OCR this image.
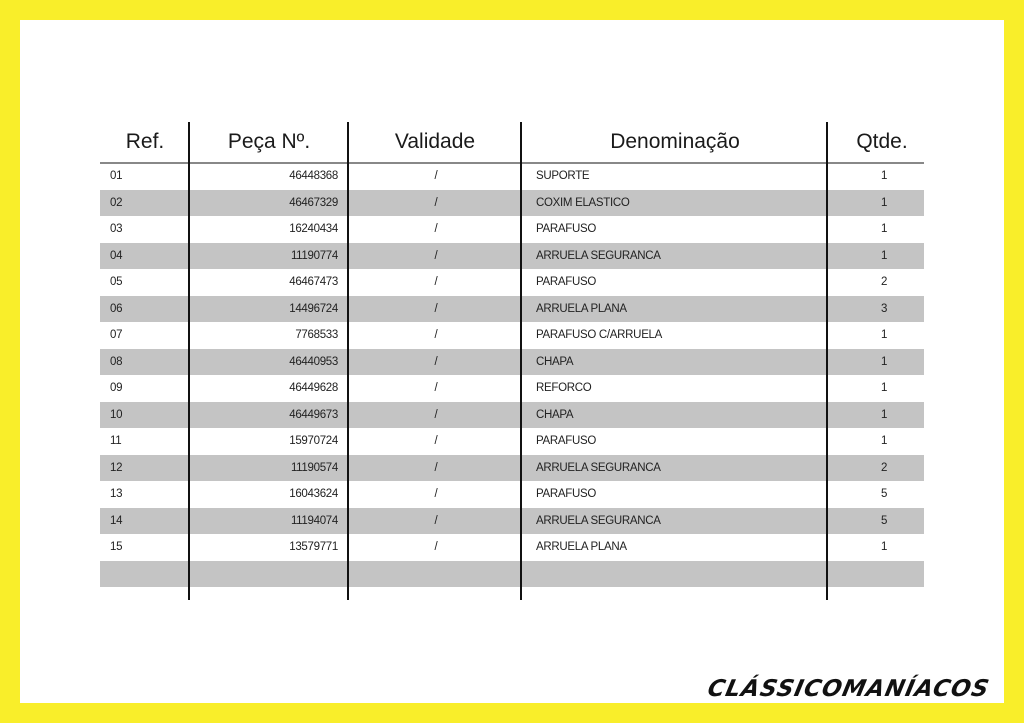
Ref.	Peça Nº.	Validade	Denominação	Qtde.
01	46448368	/	SUPORTE	1
02	46467329	/	COXIM ELASTICO	1
03	16240434	/	PARAFUSO	1
04	11190774	/	ARRUELA SEGURANCA	1
05	46467473	/	PARAFUSO	2
06	14496724	/	ARRUELA PLANA	3
07	7768533	/	PARAFUSO C/ARRUELA	1
08	46440953	/	CHAPA	1
09	46449628	/	REFORCO	1
10	46449673	/	CHAPA	1
11	15970724	/	PARAFUSO	1
12	11190574	/	ARRUELA SEGURANCA	2
13	16043624	/	PARAFUSO	5
14	11194074	/	ARRUELA SEGURANCA	5
15	13579771	/	ARRUELA PLANA	1
CLÁSSICOMANÍACOS
